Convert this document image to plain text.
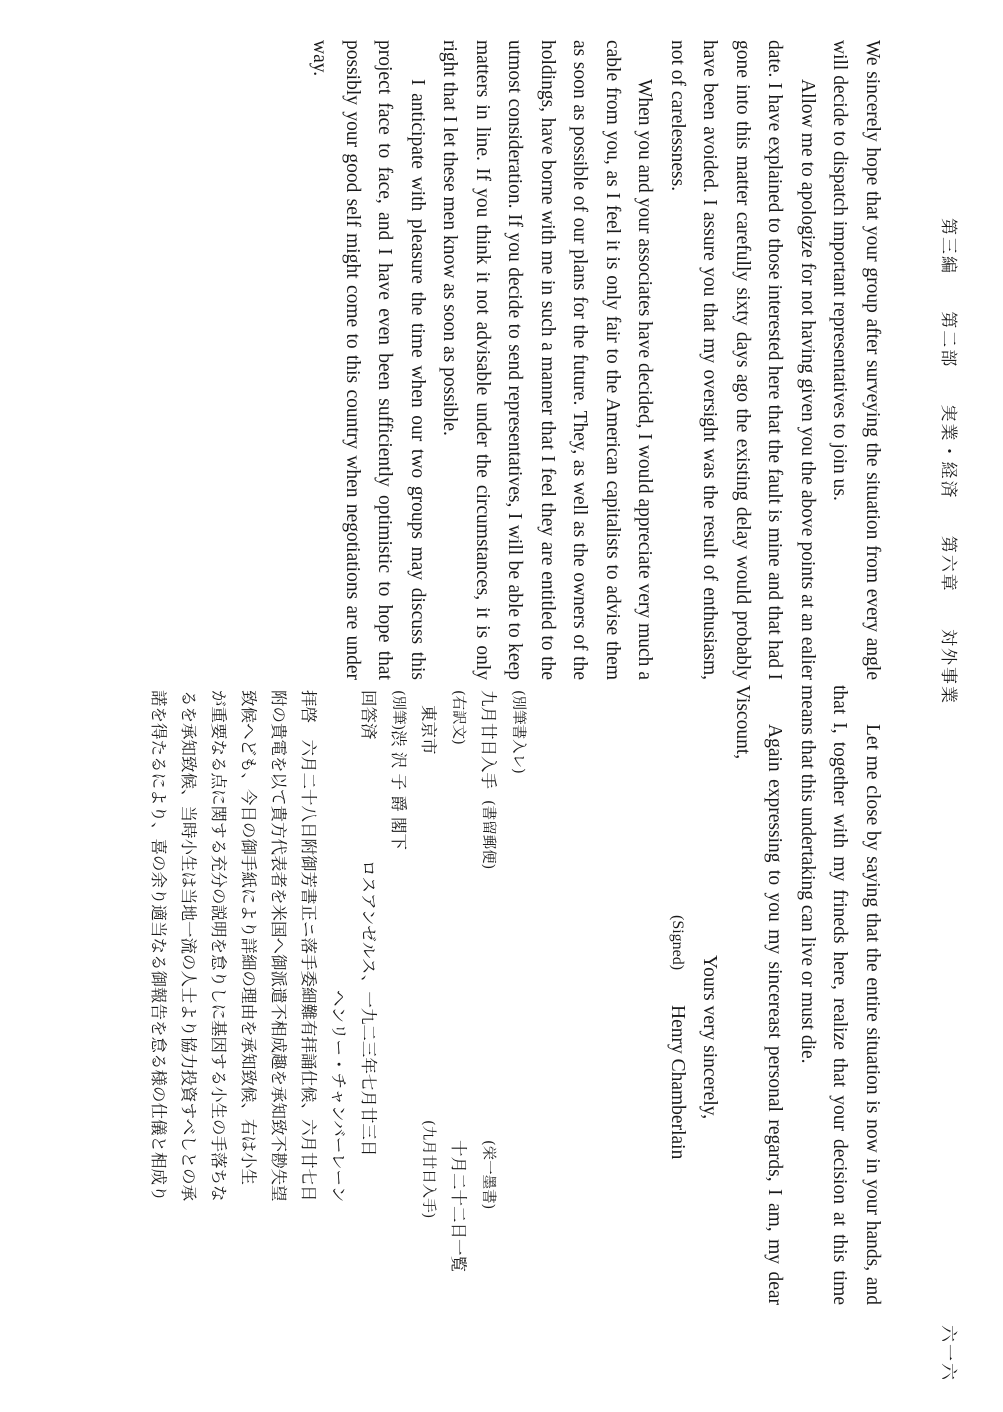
第三編 第二部 実業・経済 第六章 対外事業
六一六

We sincerely hope that your group after surveying the situation from every angle will decide to dispatch important representatives to join us.

Allow me to apologize for not having given you the above points at an ealier date. I have explained to those interested here that the fault is mine and that had I gone into this matter carefully sixty days ago the existing delay would probably have been avoided. I assure you that my oversight was the result of enthusiasm, not of carelessness.

When you and your associates have decided, I would appreciate very much a cable from you, as I feel it is only fair to the American capitalists to advise them as soon as possible of our plans for the future. They, as well as the owners of the holdings, have borne with me in such a manner that I feel they are entitled to the utmost consideration. If you decide to send representatives, I will be able to keep matters in line. If you think it not advisable under the circumstances, it is only right that I let these men know as soon as possible.

I anticipate with pleasure the time when our two groups may discuss this project face to face, and I have even been sufficiently optimistic to hope that possibly your good self might come to this country when negotiations are under way.

Let me close by saying that the entire situation is now in your hands, and that I, together with my frineds here, realize that your decision at this time means that this undertaking can live or must die.

Again expressing to you my sincereast personal regards, I am, my dear Viscount,

Yours very sincerely,
(Signed)
Henry Chamberlain
(別筆書入レ)
九月廿日入手
(書留郵便)
(栄一墨書)
(右訳文)
十月二十二日一覧
東京市
(九月廿日入手)
(別筆)
渋 沢 子 爵 閣下
回答済
ロスアンゼルス、一九二三年七月廿三日
ヘンリー・チャンバーレーン
拝啓　六月二十八日附御芳書正ニ落手委細難有拝誦仕候、六月廿七日
附の貴電を以て貴方代表者を米国へ御派遣不相成趣を承知致不尠失望
致候へども、今日の御手紙により詳細の理由を承知致候、右は小生
が重要なる点に関する充分の説明を怠りしに基因する小生の手落ちな
るを承知致候、当時小生は当地一流の人士より協力投資すべしとの承
諾を得たるにより、喜の余り適当なる御報告を怠る様の仕儀と相成り
